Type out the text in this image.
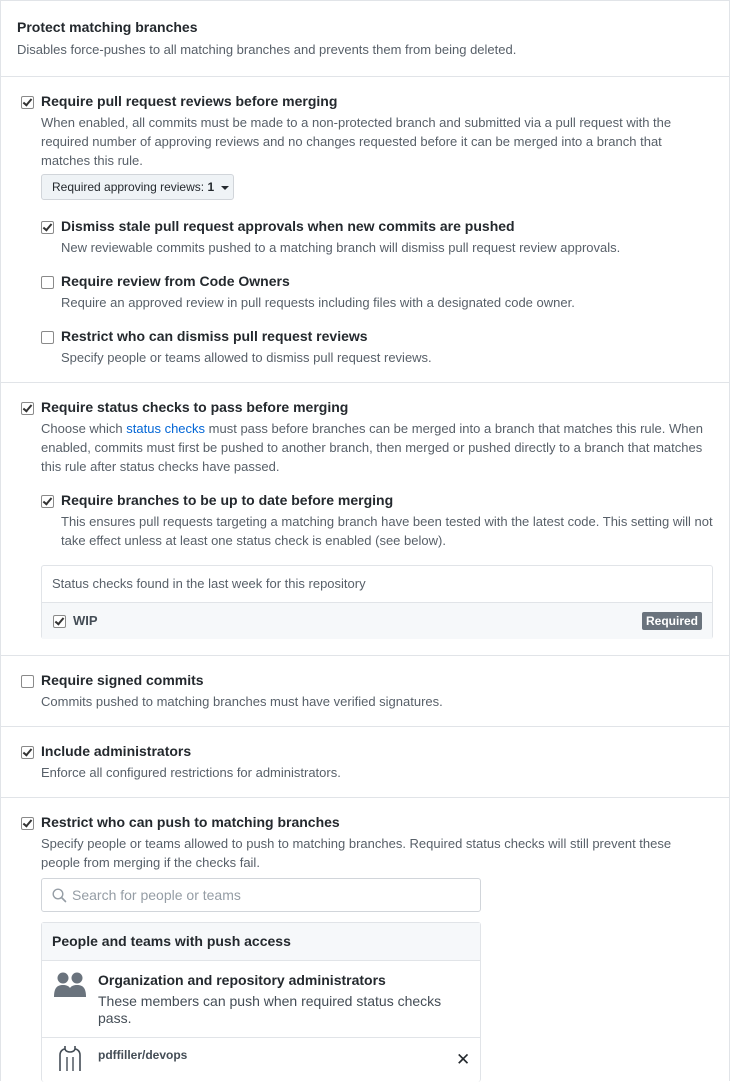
Protect matching branches
Disables force-pushes to all matching branches and prevents them from being deleted.
Require pull request reviews before merging
When enabled, all commits must be made to a non-protected branch and submitted via a pull request with the required number of approving reviews and no changes requested before it can be merged into a branch that matches this rule.
Required approving reviews: 1
Dismiss stale pull request approvals when new commits are pushed
New reviewable commits pushed to a matching branch will dismiss pull request review approvals.
Require review from Code Owners
Require an approved review in pull requests including files with a designated code owner.
Restrict who can dismiss pull request reviews
Specify people or teams allowed to dismiss pull request reviews.
Require status checks to pass before merging
Choose which status checks must pass before branches can be merged into a branch that matches this rule. When enabled, commits must first be pushed to another branch, then merged or pushed directly to a branch that matches this rule after status checks have passed.
Require branches to be up to date before merging
This ensures pull requests targeting a matching branch have been tested with the latest code. This setting will not take effect unless at least one status check is enabled (see below).
Status checks found in the last week for this repository
WIP	Required
Require signed commits
Commits pushed to matching branches must have verified signatures.
Include administrators
Enforce all configured restrictions for administrators.
Restrict who can push to matching branches
Specify people or teams allowed to push to matching branches. Required status checks will still prevent these people from merging if the checks fail.
Search for people or teams
People and teams with push access
Organization and repository administrators
These members can push when required status checks pass.
pdffiller/devops	✕
